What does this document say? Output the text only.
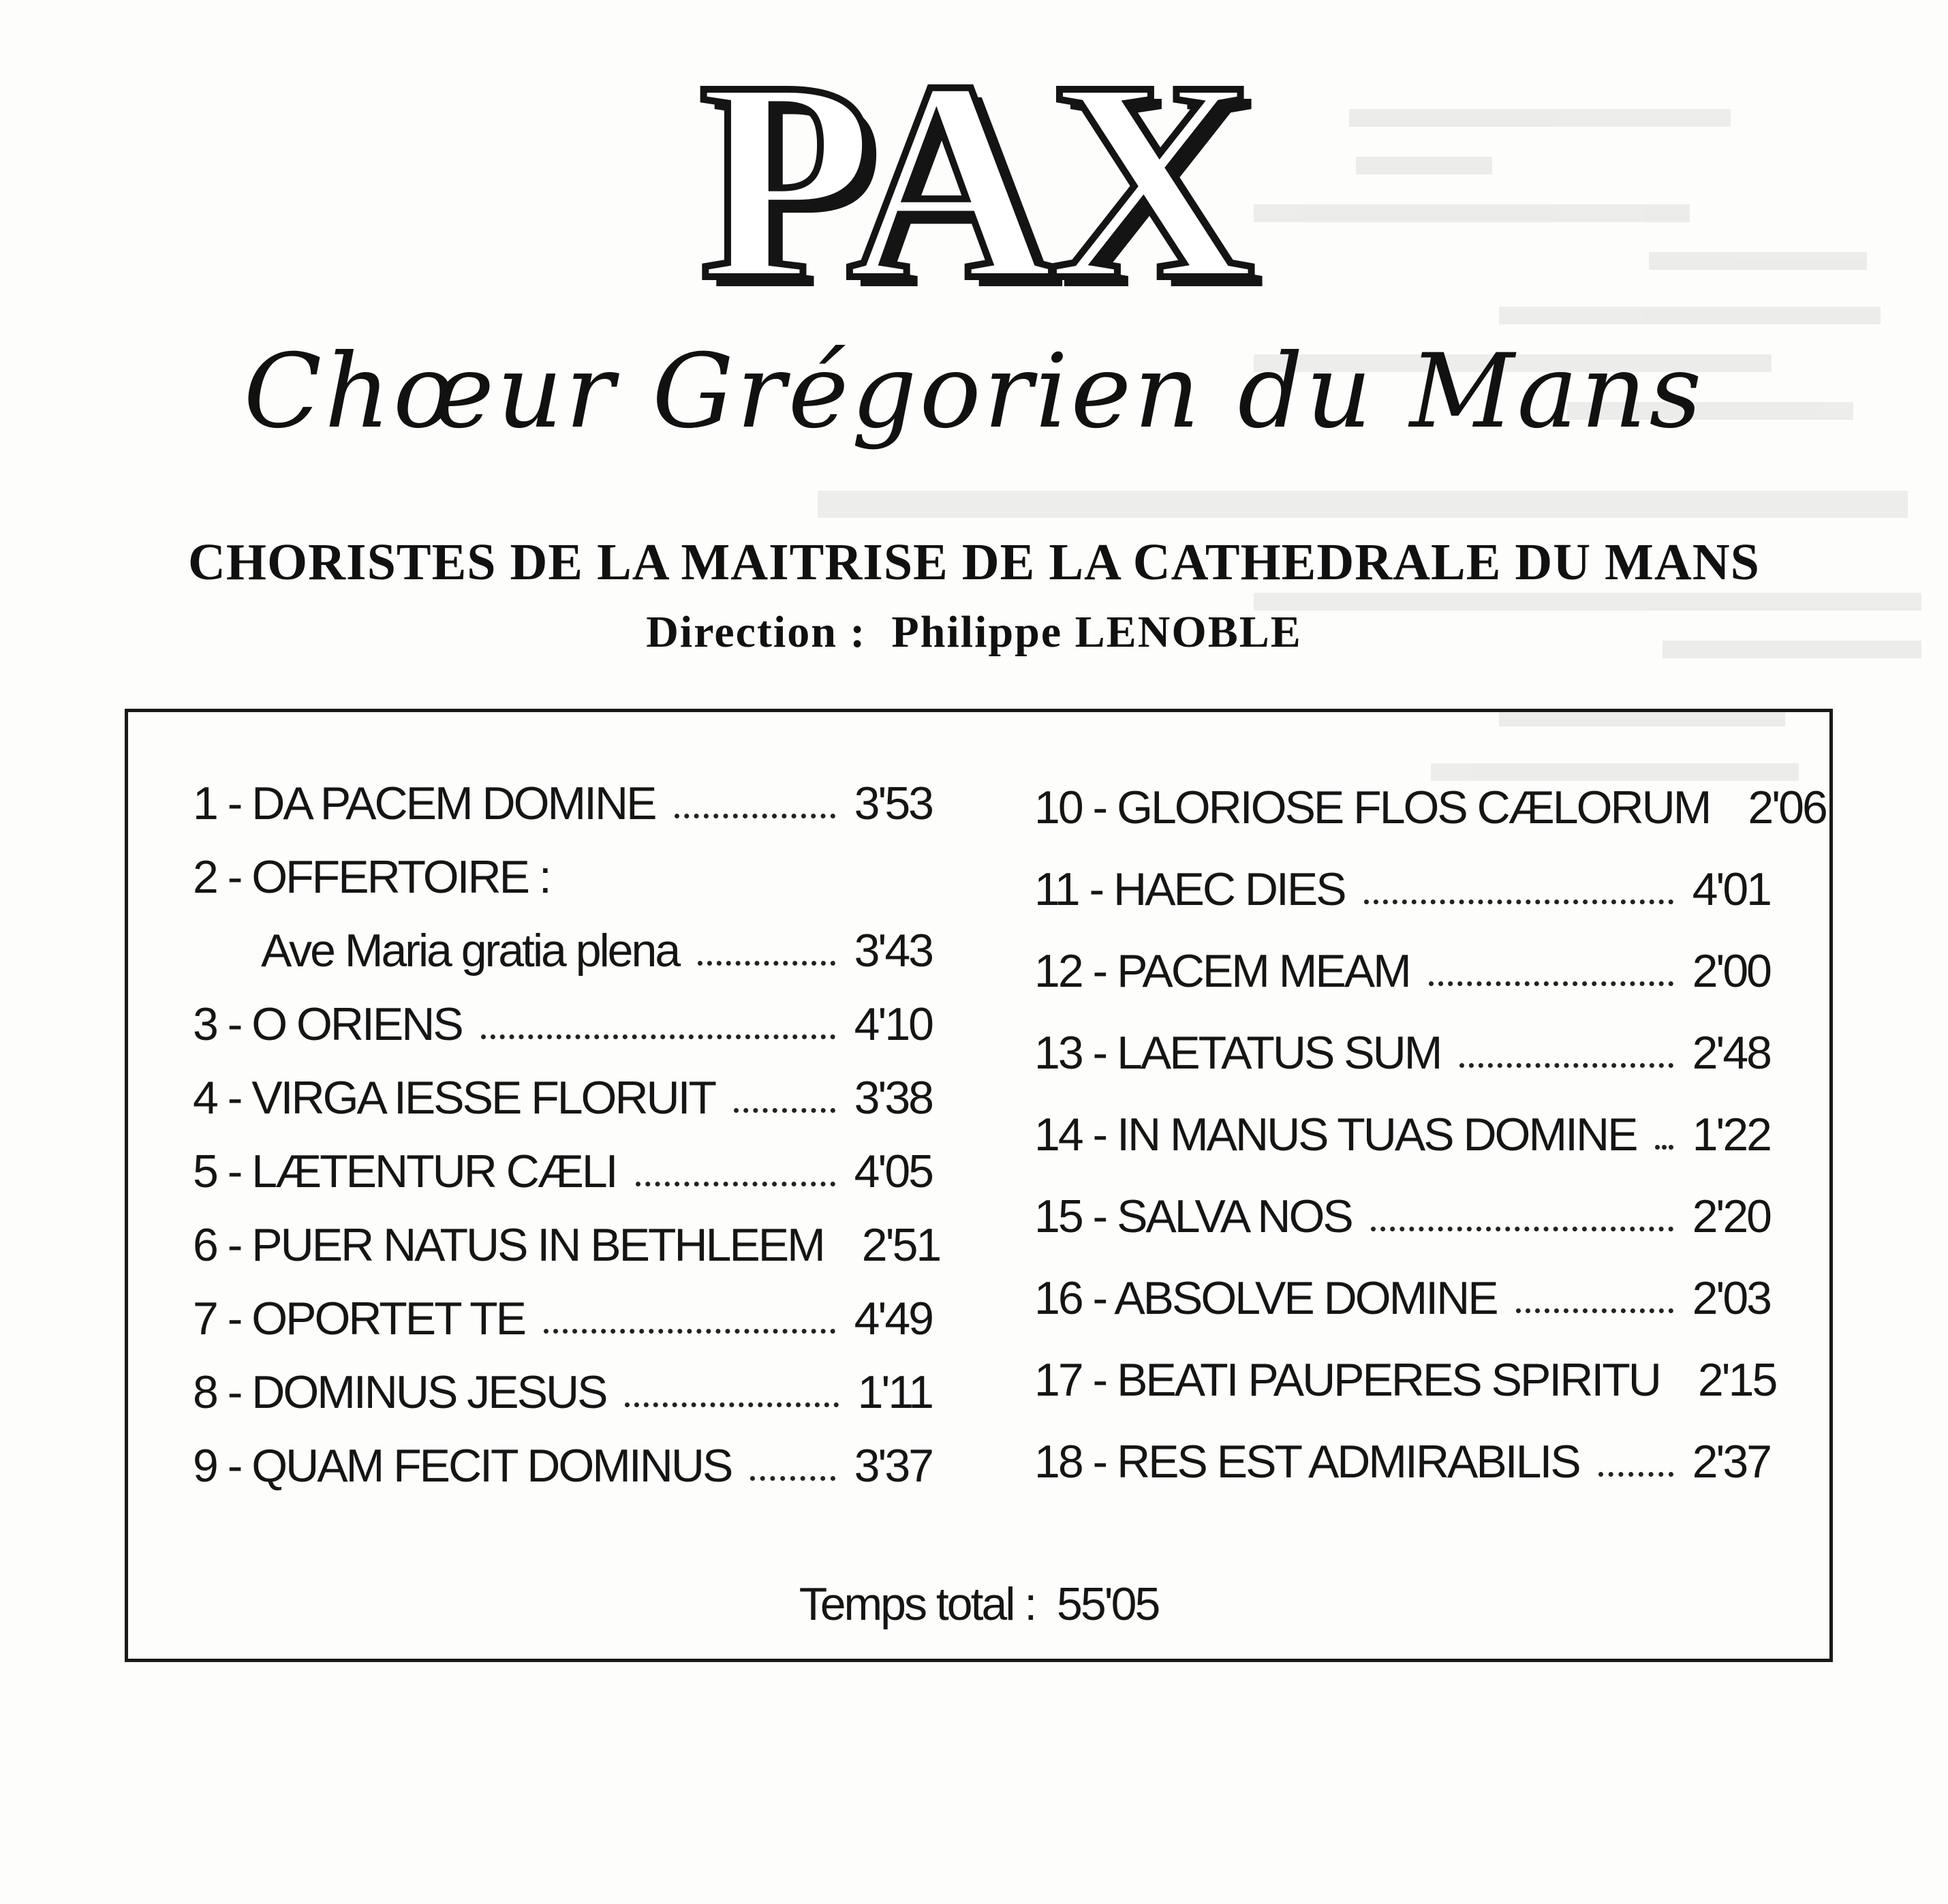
PAX
Chœur Grégorien du Mans
CHORISTES DE LA MAITRISE DE LA CATHEDRALE DU MANS
Direction : Philippe LENOBLE
1 - DA PACEM DOMINE	3'53
2 - OFFERTOIRE :
Ave Maria gratia plena	3'43
3 - O ORIENS	4'10
4 - VIRGA IESSE FLORUIT	3'38
5 - LÆTENTUR CÆLI	4'05
6 - PUER NATUS IN BETHLEEM 2'51
7 - OPORTET TE	4'49
8 - DOMINUS JESUS	1'11
9 - QUAM FECIT DOMINUS	3'37
10 - GLORIOSE FLOS CÆLORUM 2'06
11 - HAEC DIES	4'01
12 - PACEM MEAM	2'00
13 - LAETATUS SUM	2'48
14 - IN MANUS TUAS DOMINE 1'22
15 - SALVA NOS	2'20
16 - ABSOLVE DOMINE	2'03
17 - BEATI PAUPERES SPIRITU 2'15
18 - RES EST ADMIRABILIS 2'37
Temps total : 55'05
